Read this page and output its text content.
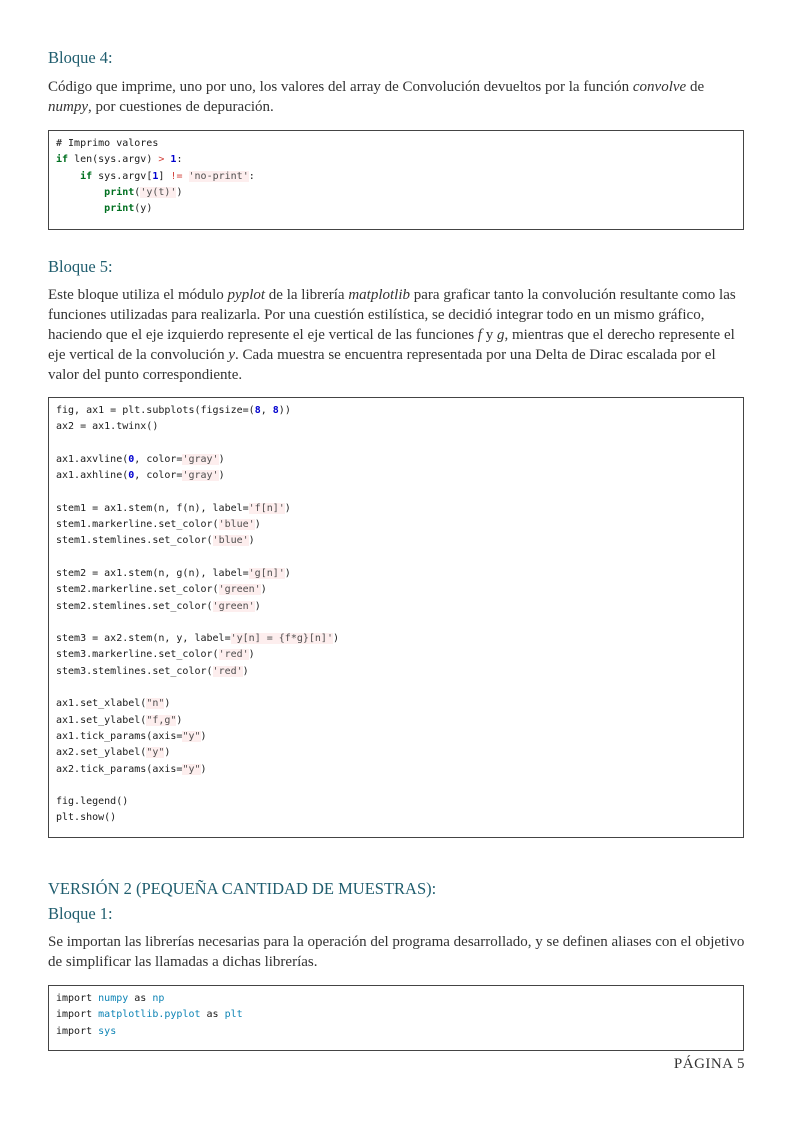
Bloque 4:

Código que imprime, uno por uno, los valores del array de Convolución devueltos por la función convolve de numpy, por cuestiones de depuración.

# Imprimo valores
if len(sys.argv) > 1:
if sys.argv[1] != 'no-print':
print('y(t)')
print(y)
Bloque 5:

Este bloque utiliza el módulo pyplot de la librería matplotlib para graficar tanto la convolución resultante como las funciones utilizadas para realizarla. Por una cuestión estilística, se decidió integrar todo en un mismo gráfico, haciendo que el eje izquierdo represente el eje vertical de las funciones f y g, mientras que el derecho represente el eje vertical de la convolución y. Cada muestra se encuentra representada por una Delta de Dirac escalada por el valor del punto correspondiente.

fig, ax1 = plt.subplots(figsize=(8, 8))
ax2 = ax1.twinx()
ax1.axvline(0, color='gray')
ax1.axhline(0, color='gray')
stem1 = ax1.stem(n, f(n), label='f[n]')
stem1.markerline.set_color('blue')
stem1.stemlines.set_color('blue')
stem2 = ax1.stem(n, g(n), label='g[n]')
stem2.markerline.set_color('green')
stem2.stemlines.set_color('green')
stem3 = ax2.stem(n, y, label='y[n] = {f*g}[n]')
stem3.markerline.set_color('red')
stem3.stemlines.set_color('red')
ax1.set_xlabel("n")
ax1.set_ylabel("f,g")
ax1.tick_params(axis="y")
ax2.set_ylabel("y")
ax2.tick_params(axis="y")
fig.legend()
plt.show()
VERSIÓN 2 (PEQUEÑA CANTIDAD DE MUESTRAS):
Bloque 1:

Se importan las librerías necesarias para la operación del programa desarrollado, y se definen aliases con el objetivo de simplificar las llamadas a dichas librerías.

import numpy as np
import matplotlib.pyplot as plt
import sys
PÁGINA 5
